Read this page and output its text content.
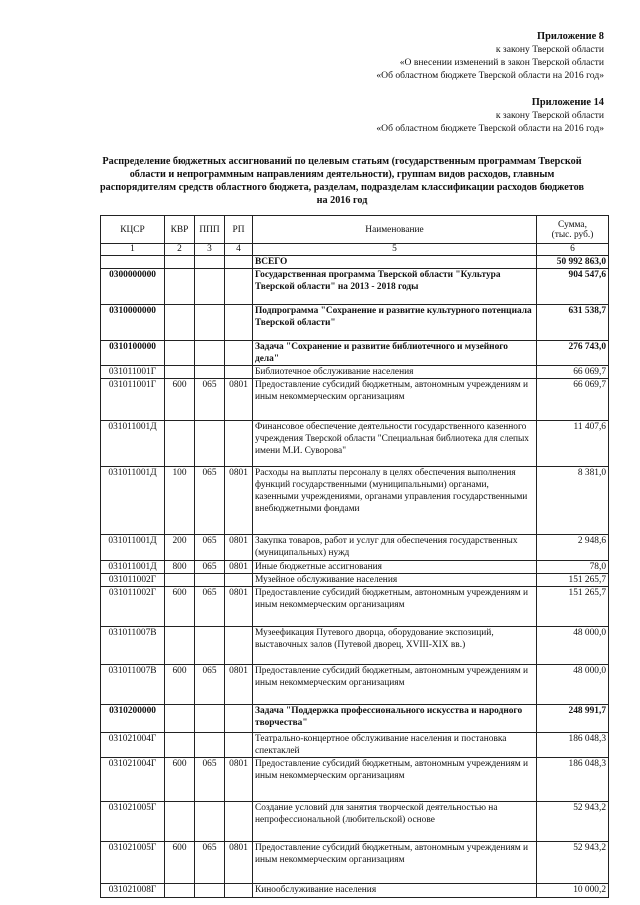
Приложение 8
к закону Тверской области
«О внесении изменений в закон Тверской области
«Об областном бюджете Тверской области на 2016 год»
Приложение 14
к закону Тверской области
«Об областном бюджете Тверской области на 2016 год»
Распределение бюджетных ассигнований по целевым статьям (государственным программам Тверской
области и непрограммным направлениям деятельности), группам видов расходов, главным
распорядителям средств областного бюджета, разделам, подразделам классификации расходов бюджетов
на 2016 год
КЦСР	КВР	ППП	РП	Наименование	Сумма,
(тыс. руб.)

1	2	3	4	5	6
				ВСЕГО	50 992 863,0
0300000000				Государственная программа Тверской области "Культура Тверской области" на 2013 - 2018 годы	904 547,6
0310000000				Подпрограмма "Сохранение и развитие культурного потенциала Тверской области"	631 538,7
0310100000				Задача "Сохранение и развитие библиотечного и музейного дела"	276 743,0
031011001Г				Библиотечное обслуживание населения	66 069,7
031011001Г	600	065	0801	Предоставление субсидий бюджетным, автономным учреждениям и иным некоммерческим организациям	66 069,7
031011001Д				Финансовое обеспечение деятельности государственного казенного учреждения Тверской области "Специальная библиотека для слепых имени М.И. Суворова"	11 407,6
031011001Д	100	065	0801	Расходы на выплаты персоналу в целях обеспечения выполнения функций государственными (муниципальными) органами, казенными учреждениями, органами управления государственными внебюджетными фондами	8 381,0
031011001Д	200	065	0801	Закупка товаров, работ и услуг для обеспечения государственных (муниципальных) нужд	2 948,6
031011001Д	800	065	0801	Иные бюджетные ассигнования	78,0
031011002Г				Музейное обслуживание населения	151 265,7
031011002Г	600	065	0801	Предоставление субсидий бюджетным, автономным учреждениям и иным некоммерческим организациям	151 265,7
031011007В				Музеефикация Путевого дворца, оборудование экспозиций, выставочных залов (Путевой дворец, XVIII-XIX вв.)	48 000,0
031011007В	600	065	0801	Предоставление субсидий бюджетным, автономным учреждениям и иным некоммерческим организациям	48 000,0
0310200000				Задача "Поддержка профессионального искусства и народного творчества"	248 991,7
031021004Г				Театрально-концертное обслуживание населения и постановка спектаклей	186 048,3
031021004Г	600	065	0801	Предоставление субсидий бюджетным, автономным учреждениям и иным некоммерческим организациям	186 048,3
031021005Г				Создание условий для занятия творческой деятельностью на непрофессиональной (любительской) основе	52 943,2
031021005Г	600	065	0801	Предоставление субсидий бюджетным, автономным учреждениям и иным некоммерческим организациям	52 943,2
031021008Г				Кинообслуживание населения	10 000,2
